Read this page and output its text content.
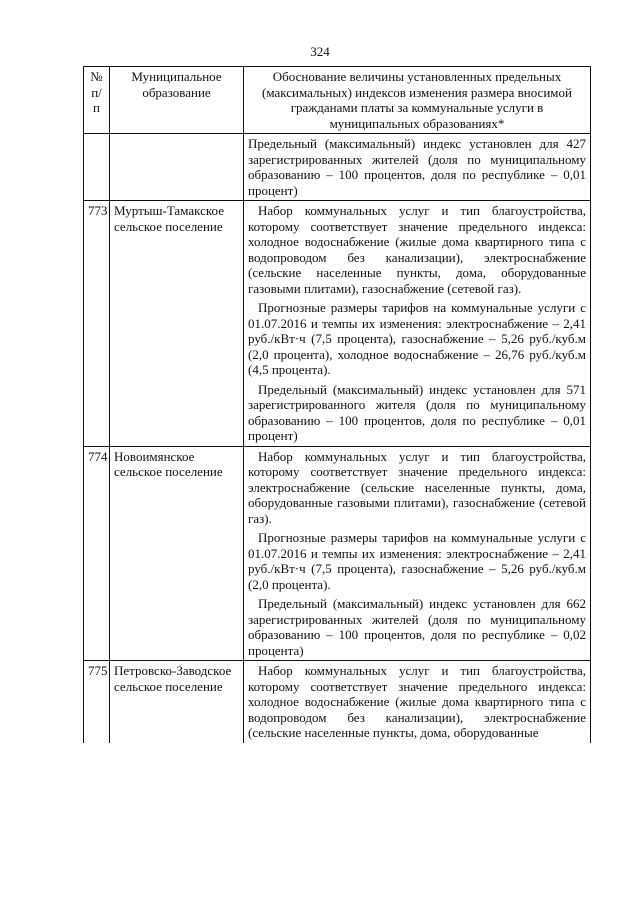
324
№ п/п	Муниципальное образование	Обоснование величины установленных предельных (максимальных) индексов изменения размера вносимой гражданами платы за коммунальные услуги в муниципальных образованиях*

		Предельный (максимальный) индекс установлен для 427 зарегистрированных жителей (доля по муниципальному образованию – 100 процентов, доля по республике – 0,01 процент)

773	Муртыш-Тамакское сельское поселение	Набор коммунальных услуг и тип благоустройства, которому соответствует значение предельного индекса: холодное водоснабжение (жилые дома квартирного типа с водопроводом без канализации), электроснабжение (сельские населенные пункты, дома, оборудованные газовыми плитами), газоснабжение (сетевой газ).

Прогнозные размеры тарифов на коммунальные услуги с 01.07.2016 и темпы их изменения: электроснабжение – 2,41 руб./кВт·ч (7,5 процента), газоснабжение – 5,26 руб./куб.м (2,0 процента), холодное водоснабжение – 26,76 руб./куб.м (4,5 процента).

Предельный (максимальный) индекс установлен для 571 зарегистрированного жителя (доля по муниципальному образованию – 100 процентов, доля по республике – 0,01 процент)

774	Новоимянское сельское поселение	Набор коммунальных услуг и тип благоустройства, которому соответствует значение предельного индекса: электроснабжение (сельские населенные пункты, дома, оборудованные газовыми плитами), газоснабжение (сетевой газ).

Прогнозные размеры тарифов на коммунальные услуги с 01.07.2016 и темпы их изменения: электроснабжение – 2,41 руб./кВт·ч (7,5 процента), газоснабжение – 5,26 руб./куб.м (2,0 процента).

Предельный (максимальный) индекс установлен для 662 зарегистрированных жителей (доля по муниципальному образованию – 100 процентов, доля по республике – 0,02 процента)

775	Петровско-Заводское сельское поселение	Набор коммунальных услуг и тип благоустройства, которому соответствует значение предельного индекса: холодное водоснабжение (жилые дома квартирного типа с водопроводом без канализации), электроснабжение (сельские населенные пункты, дома, оборудованные
